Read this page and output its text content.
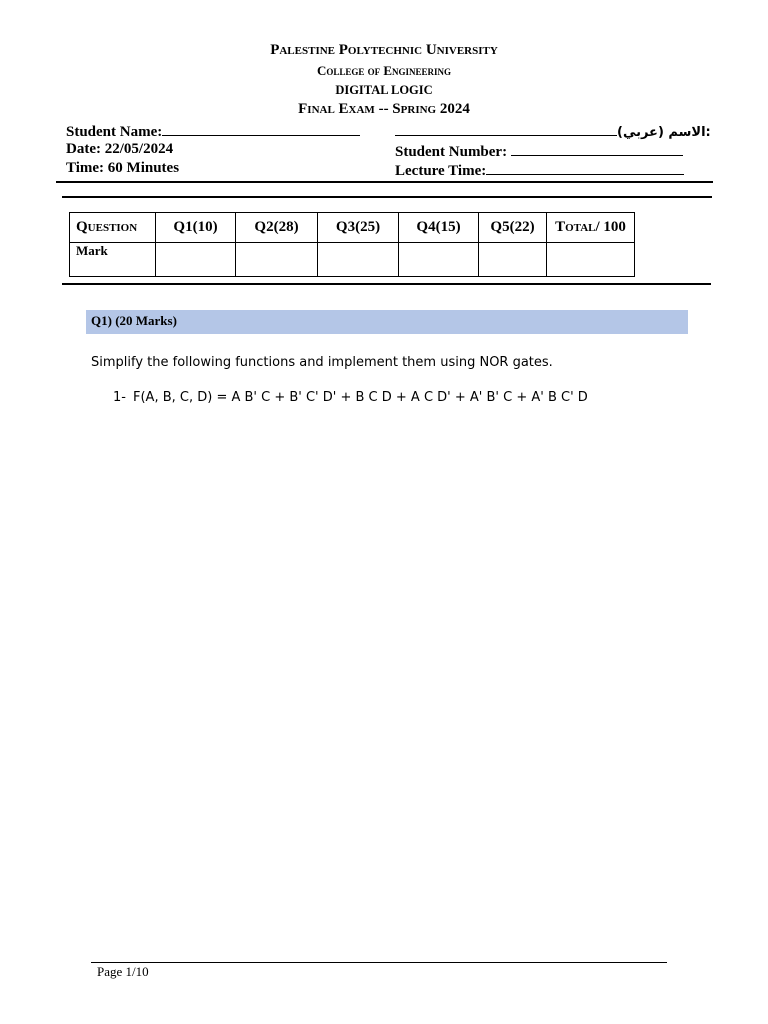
Palestine Polytechnic University
College of Engineering
DIGITAL LOGIC
Final Exam -- Spring 2024
Student Name:	:الاسم (عربي)
Date: 22/05/2024	Student Number:
Time: 60 Minutes	Lecture Time:
Question	Q1(10)	Q2(28)	Q3(25)	Q4(15)	Q5(22)	Total/ 100
Mark						
Q1) (20 Marks)
Simplify the following functions and implement them using NOR gates.
1- F(A, B, C, D) = A B' C + B' C' D' + B C D + A C D' + A' B' C + A' B C' D
Page 1/10
